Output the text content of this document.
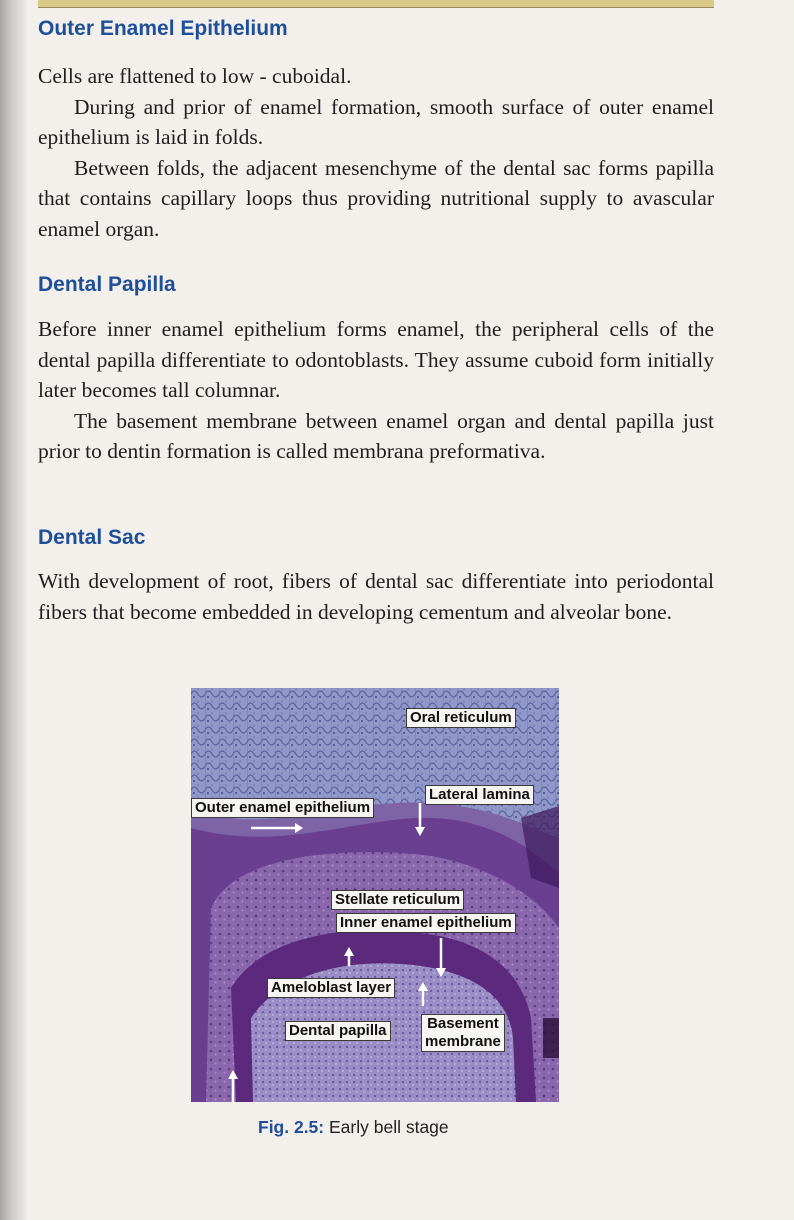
Outer Enamel Epithelium
Cells are flattened to low - cuboidal.
During and prior of enamel formation, smooth surface of outer enamel epithelium is laid in folds.
Between folds, the adjacent mesenchyme of the dental sac forms papilla that contains capillary loops thus providing nutritional supply to avascular enamel organ.
Dental Papilla
Before inner enamel epithelium forms enamel, the peripheral cells of the dental papilla differentiate to odontoblasts. They assume cuboid form initially later becomes tall columnar.
The basement membrane between enamel organ and dental papilla just prior to dentin formation is called membrana preformativa.
Dental Sac
With development of root, fibers of dental sac differentiate into periodontal fibers that become embedded in developing cementum and alveolar bone.
Oral reticulum
Lateral lamina
Outer enamel epithelium
Stellate reticulum
Inner enamel epithelium
Ameloblast layer
Dental papilla	Basement
membrane

Fig. 2.5: Early bell stage
